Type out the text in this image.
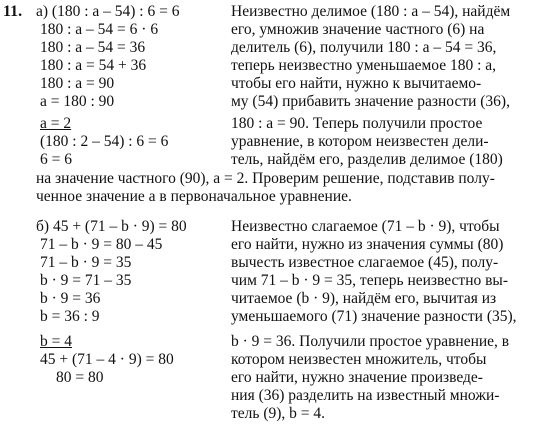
11. а) (180 : a – 54) : 6 = 6
180 : a – 54 = 6 · 6
180 : a – 54 = 36
180 : a = 54 + 36
180 : a = 90
a = 180 : 90
a = 2
(180 : 2 – 54) : 6 = 6
6 = 6
Неизвестно делимое (180 : a – 54), найдём
его, умножив значение частного (6) на
делитель (6), получили 180 : a – 54 = 36,
теперь неизвестно уменьшаемое 180 : a,
чтобы его найти, нужно к вычитаемо-
му (54) прибавить значение разности (36),
180 : a = 90. Теперь получили простое
уравнение, в котором неизвестен дели-
тель, найдём его, разделив делимое (180)
на значение частного (90), a = 2. Проверим решение, подставив полу-
ченное значение a в первоначальное уравнение.
б) 45 + (71 – b · 9) = 80
71 – b · 9 = 80 – 45
71 – b · 9 = 35
b · 9 = 71 – 35
b · 9 = 36
b = 36 : 9
b = 4
45 + (71 – 4 · 9) = 80
80 = 80
Неизвестно слагаемое (71 – b · 9), чтобы
его найти, нужно из значения суммы (80)
вычесть известное слагаемое (45), полу-
чим 71 – b · 9 = 35, теперь неизвестно вы-
читаемое (b · 9), найдём его, вычитая из
уменьшаемого (71) значение разности (35),
b · 9 = 36. Получили простое уравнение, в
котором неизвестен множитель, чтобы
его найти, нужно значение произведе-
ния (36) разделить на известный множи-
тель (9), b = 4.
